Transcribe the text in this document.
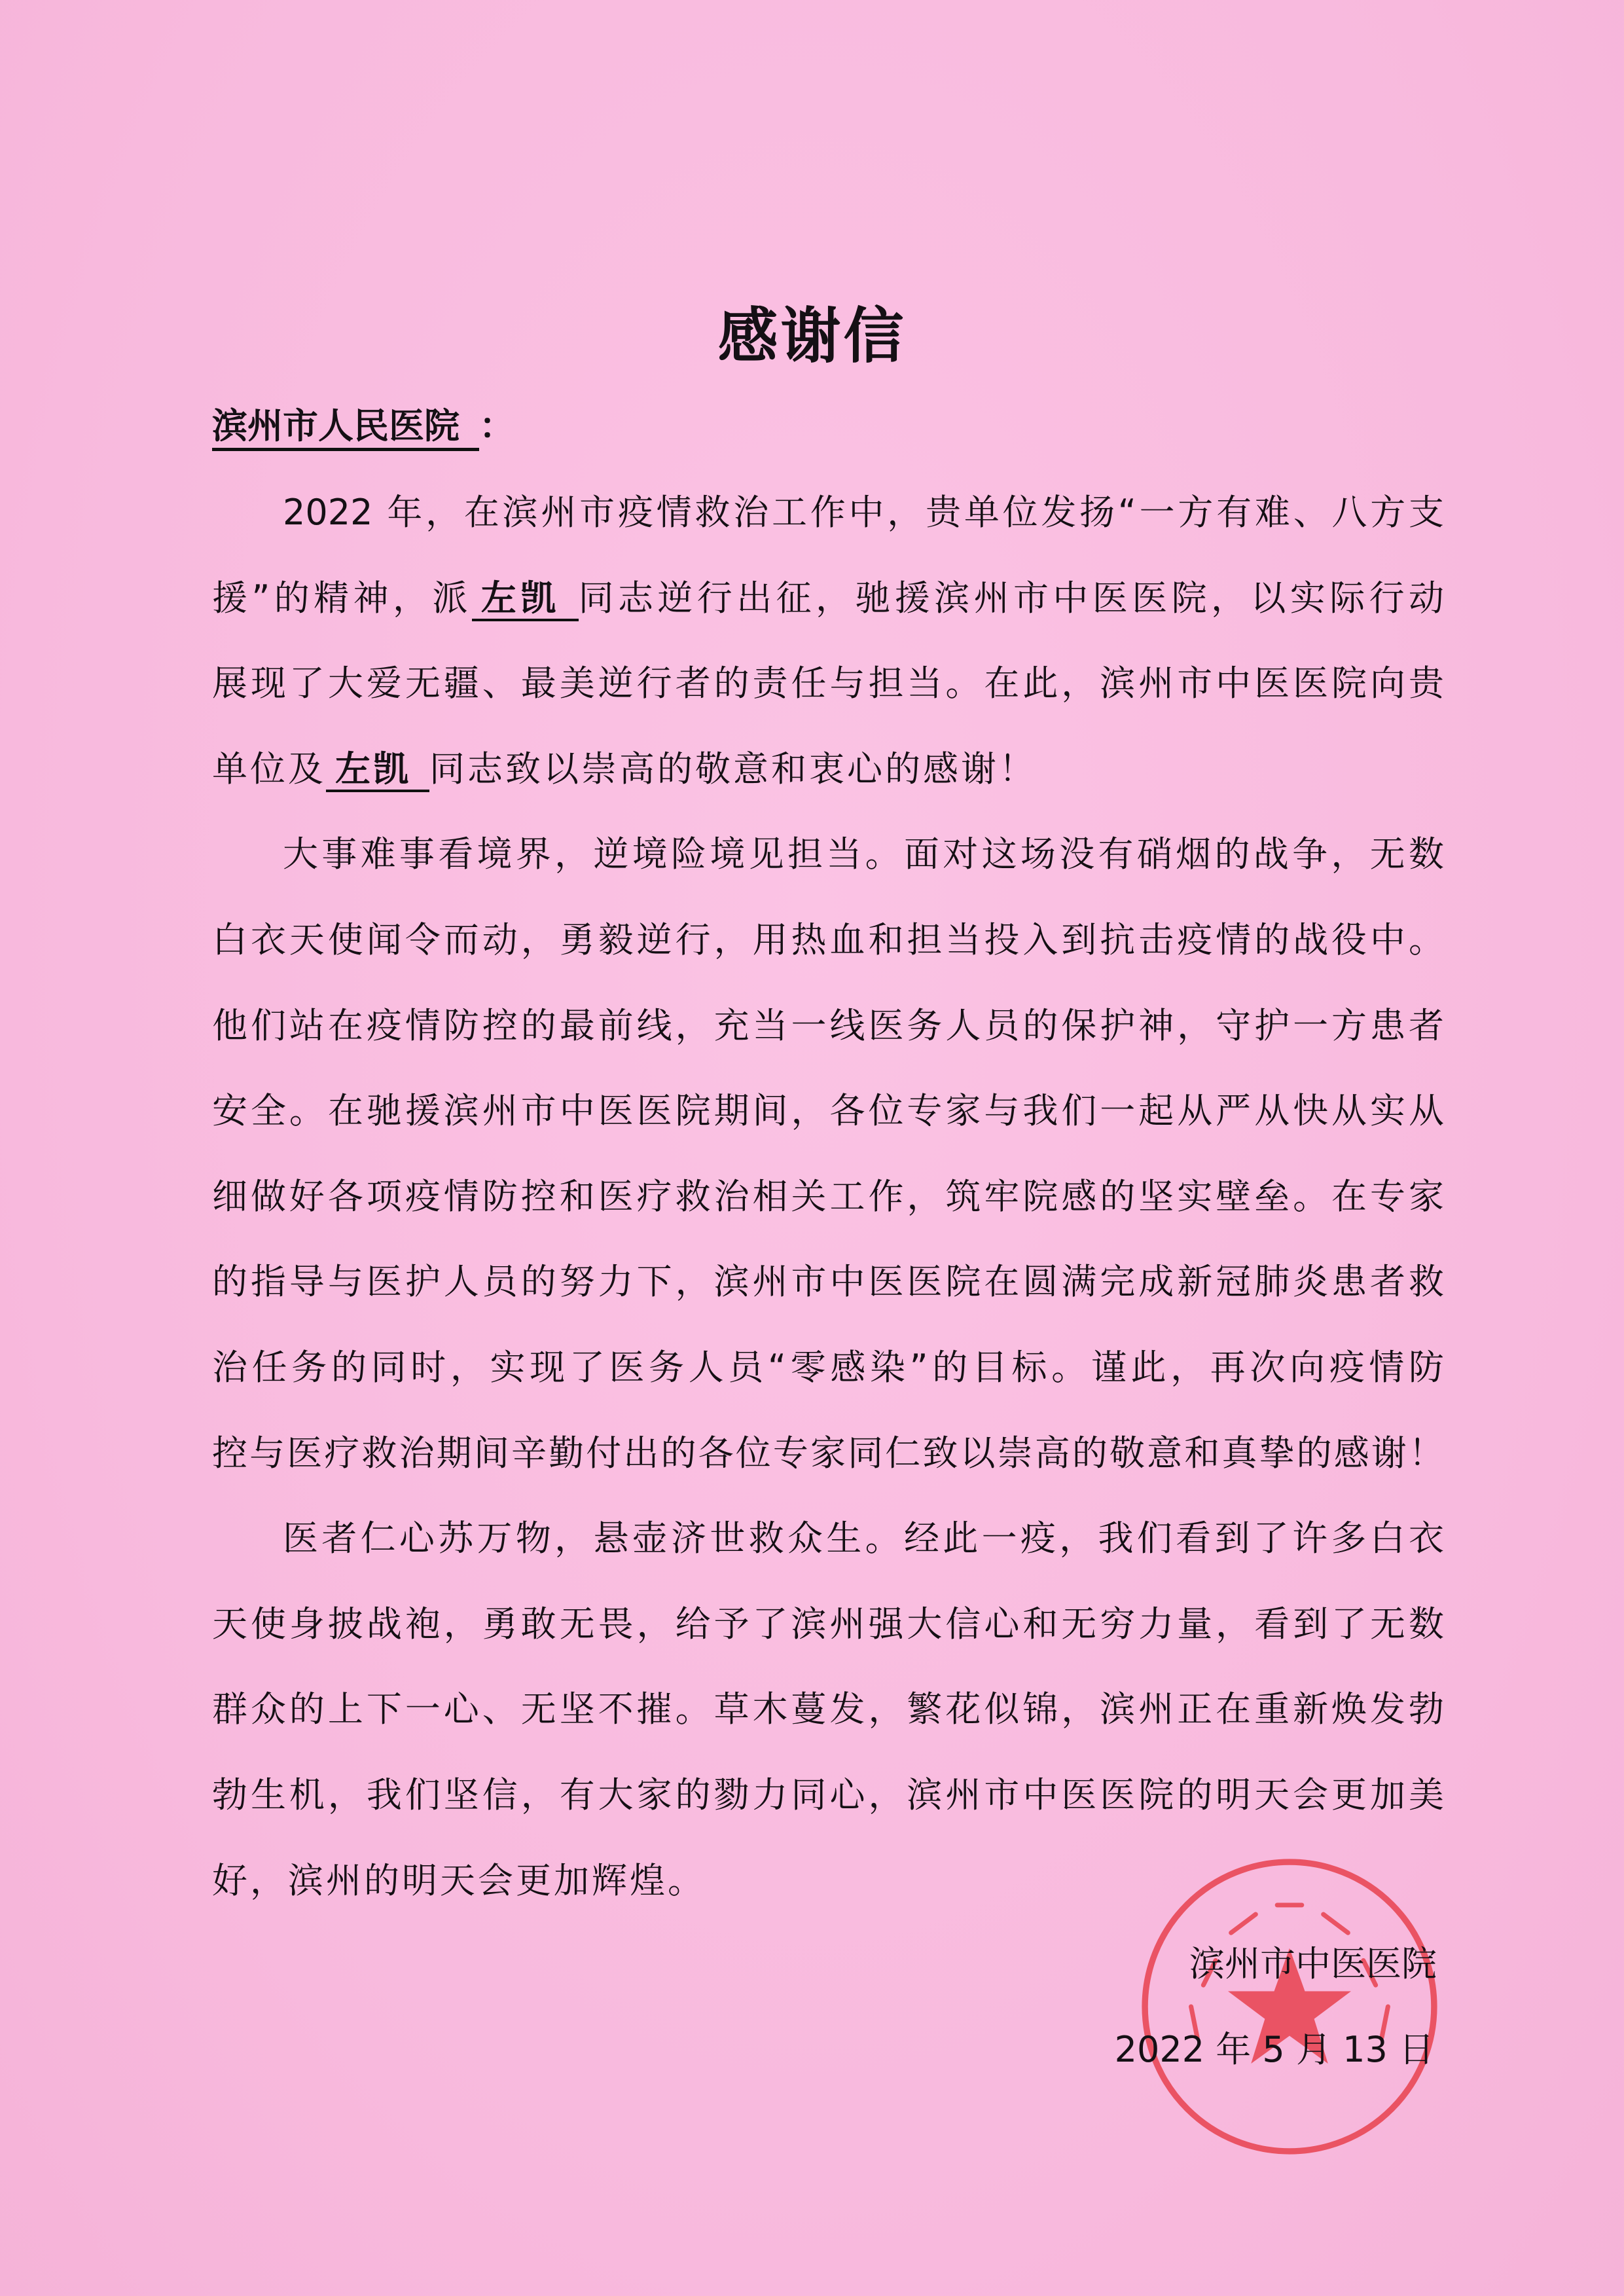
感谢信
滨州市人民医院 ：
2022 年，在滨州市疫情救治工作中，贵单位发扬“一方有难、八方支
援”的精神，派 左凯 同志逆行出征，驰援滨州市中医医院，以实际行动
展现了大爱无疆、最美逆行者的责任与担当。在此，滨州市中医医院向贵
单位及 左凯 同志致以崇高的敬意和衷心的感谢！
大事难事看境界，逆境险境见担当。面对这场没有硝烟的战争，无数
白衣天使闻令而动，勇毅逆行，用热血和担当投入到抗击疫情的战役中。
他们站在疫情防控的最前线，充当一线医务人员的保护神，守护一方患者
安全。在驰援滨州市中医医院期间，各位专家与我们一起从严从快从实从
细做好各项疫情防控和医疗救治相关工作，筑牢院感的坚实壁垒。在专家
的指导与医护人员的努力下，滨州市中医医院在圆满完成新冠肺炎患者救
治任务的同时，实现了医务人员“零感染”的目标。谨此，再次向疫情防
控与医疗救治期间辛勤付出的各位专家同仁致以崇高的敬意和真挚的感谢！
医者仁心苏万物，悬壶济世救众生。经此一疫，我们看到了许多白衣
天使身披战袍，勇敢无畏，给予了滨州强大信心和无穷力量，看到了无数
群众的上下一心、无坚不摧。草木蔓发，繁花似锦，滨州正在重新焕发勃
勃生机，我们坚信，有大家的勠力同心，滨州市中医医院的明天会更加美
好，滨州的明天会更加辉煌。
滨州市中医医院
2022 年 5 月 13 日
